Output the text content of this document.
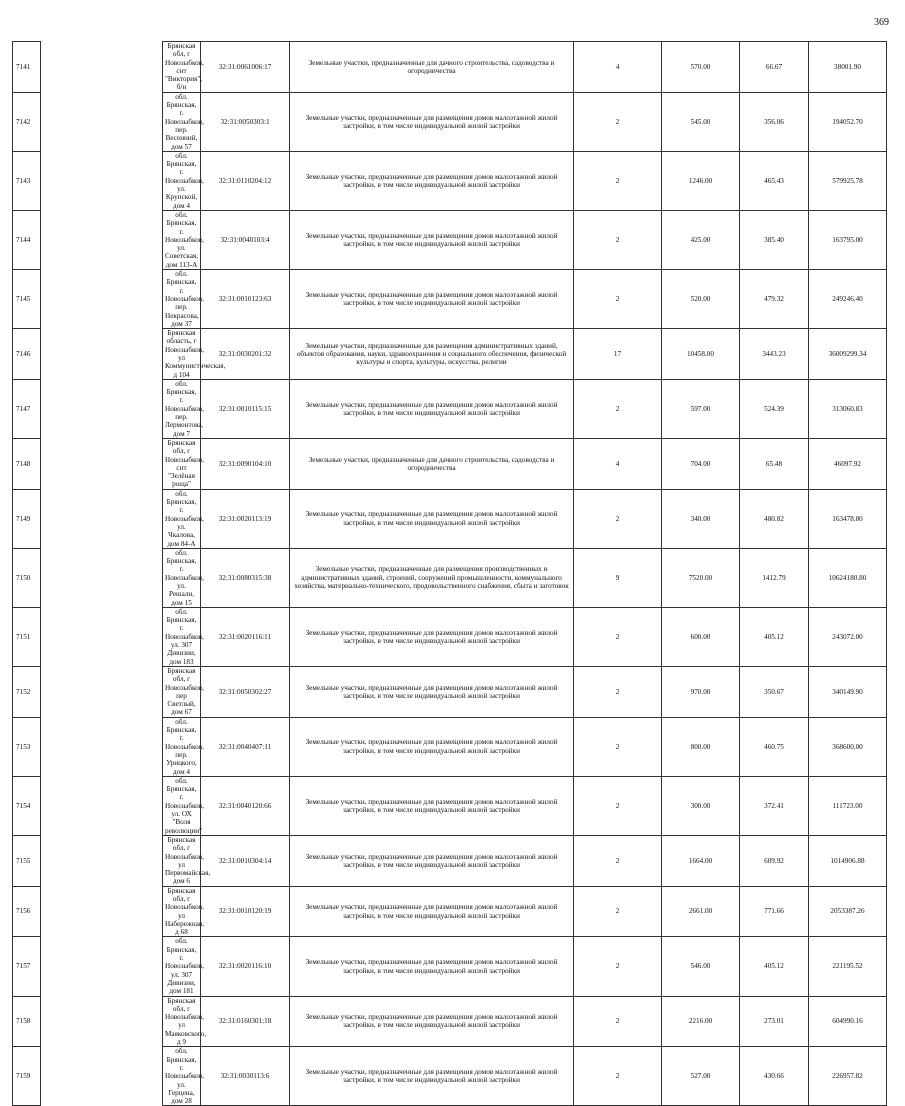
369
7141		Брянская обл, г Новозыбков, снт "Виктория", б/н	32:31:0061006:17	Земельные участки, предназначенные для дачного строительства, садоводства и огородничества	4	570.00	66.67	38001.90
7142		обл. Брянская, г. Новозыбков, пер. Весенний, дом 57	32:31:0050303:1	Земельные участки, предназначенные для размещения домов малоэтажной жилой застройки, в том числе индивидуальной жилой застройки	2	545.00	356.06	194052.70
7143		обл. Брянская, г. Новозыбков, ул. Крупской, дом 4	32:31:0110204:12	Земельные участки, предназначенные для размещения домов малоэтажной жилой застройки, в том числе индивидуальной жилой застройки	2	1246.00	465.43	579925.78
7144		обл. Брянская, г. Новозыбков, ул. Советская, дом 113-А	32:31:0040103:4	Земельные участки, предназначенные для размещения домов малоэтажной жилой застройки, в том числе индивидуальной жилой застройки	2	425.00	385.40	163795.00
7145		обл. Брянская, г. Новозыбков, пер. Некрасова, дом 37	32:31:0010123:63	Земельные участки, предназначенные для размещения домов малоэтажной жилой застройки, в том числе индивидуальной жилой застройки	2	520.00	479.32	249246.40
7146		Брянская область, г Новозыбков, ул Коммунистическая, д 104	32:31:0030201:32	Земельные участки, предназначенные для размещения административных зданий, объектов образования, науки, здравоохранения и социального обеспечения, физической культуры и спорта, культуры, искусства, религии	17	10458.00	3443.23	36009299.34
7147		обл. Брянская, г. Новозыбков, пер. Лермонтова, дом 7	32:31:0010115:15	Земельные участки, предназначенные для размещения домов малоэтажной жилой застройки, в том числе индивидуальной жилой застройки	2	597.00	524.39	313060.83
7148		Брянская обл, г Новозыбков, снт "Зелёная роща"	32:31:0090104:10	Земельные участки, предназначенные для дачного строительства, садоводства и огородничества	4	704.00	65.48	46097.92
7149		обл. Брянская, г. Новозыбков, ул. Чкалова, дом 84-А	32:31:0020113:19	Земельные участки, предназначенные для размещения домов малоэтажной жилой застройки, в том числе индивидуальной жилой застройки	2	340.00	480.82	163478.80
7150		обл. Брянская, г. Новозыбков, ул. Решали, дом 15	32:31:0080315:38	Земельные участки, предназначенные для размещения производственных и административных зданий, строений, сооружений промышленности, коммунального хозяйства, материально-технического, продовольственного снабжения, сбыта и заготовок	9	7520.00	1412.79	10624180.80
7151		обл. Брянская, г. Новозыбков, ул. 307 Дивизии, дом 183	32:31:0020116:11	Земельные участки, предназначенные для размещения домов малоэтажной жилой застройки, в том числе индивидуальной жилой застройки	2	600.00	405.12	243072.00
7152		Брянская обл, г Новозыбков, пер Светлый, дом 67	32:31:0050302:27	Земельные участки, предназначенные для размещения домов малоэтажной жилой застройки, в том числе индивидуальной жилой застройки	2	970.00	350.67	340149.90
7153		обл. Брянская, г. Новозыбков, пер. Урицкого, дом 4	32:31:0040407:11	Земельные участки, предназначенные для размещения домов малоэтажной жилой застройки, в том числе индивидуальной жилой застройки	2	800.00	460.75	368600.00
7154		обл. Брянская, г. Новозыбков, ул. ОХ "Воля революции"	32:31:0040120:66	Земельные участки, предназначенные для размещения домов малоэтажной жилой застройки, в том числе индивидуальной жилой застройки	2	300.00	372.41	111723.00
7155		Брянская обл, г Новозыбков, ул Первомайская, дом 6	32:31:0010304:14	Земельные участки, предназначенные для размещения домов малоэтажной жилой застройки, в том числе индивидуальной жилой застройки	2	1664.00	609.92	1014906.88
7156		Брянская обл, г Новозыбков, ул Набережная, д 68	32:31:0010120:19	Земельные участки, предназначенные для размещения домов малоэтажной жилой застройки, в том числе индивидуальной жилой застройки	2	2661.00	771.66	2053387.26
7157		обл. Брянская, г. Новозыбков, ул. 307 Дивизии, дом 181	32:31:0020116:10	Земельные участки, предназначенные для размещения домов малоэтажной жилой застройки, в том числе индивидуальной жилой застройки	2	546.00	405.12	221195.52
7158		Брянская обл, г Новозыбков, ул Маяковского, д 9	32:31:0160301:18	Земельные участки, предназначенные для размещения домов малоэтажной жилой застройки, в том числе индивидуальной жилой застройки	2	2216.00	273.01	604990.16
7159		обл. Брянская, г. Новозыбков, ул. Герцена, дом 28	32:31:0030113:6	Земельные участки, предназначенные для размещения домов малоэтажной жилой застройки, в том числе индивидуальной жилой застройки	2	527.00	430.66	226957.82
